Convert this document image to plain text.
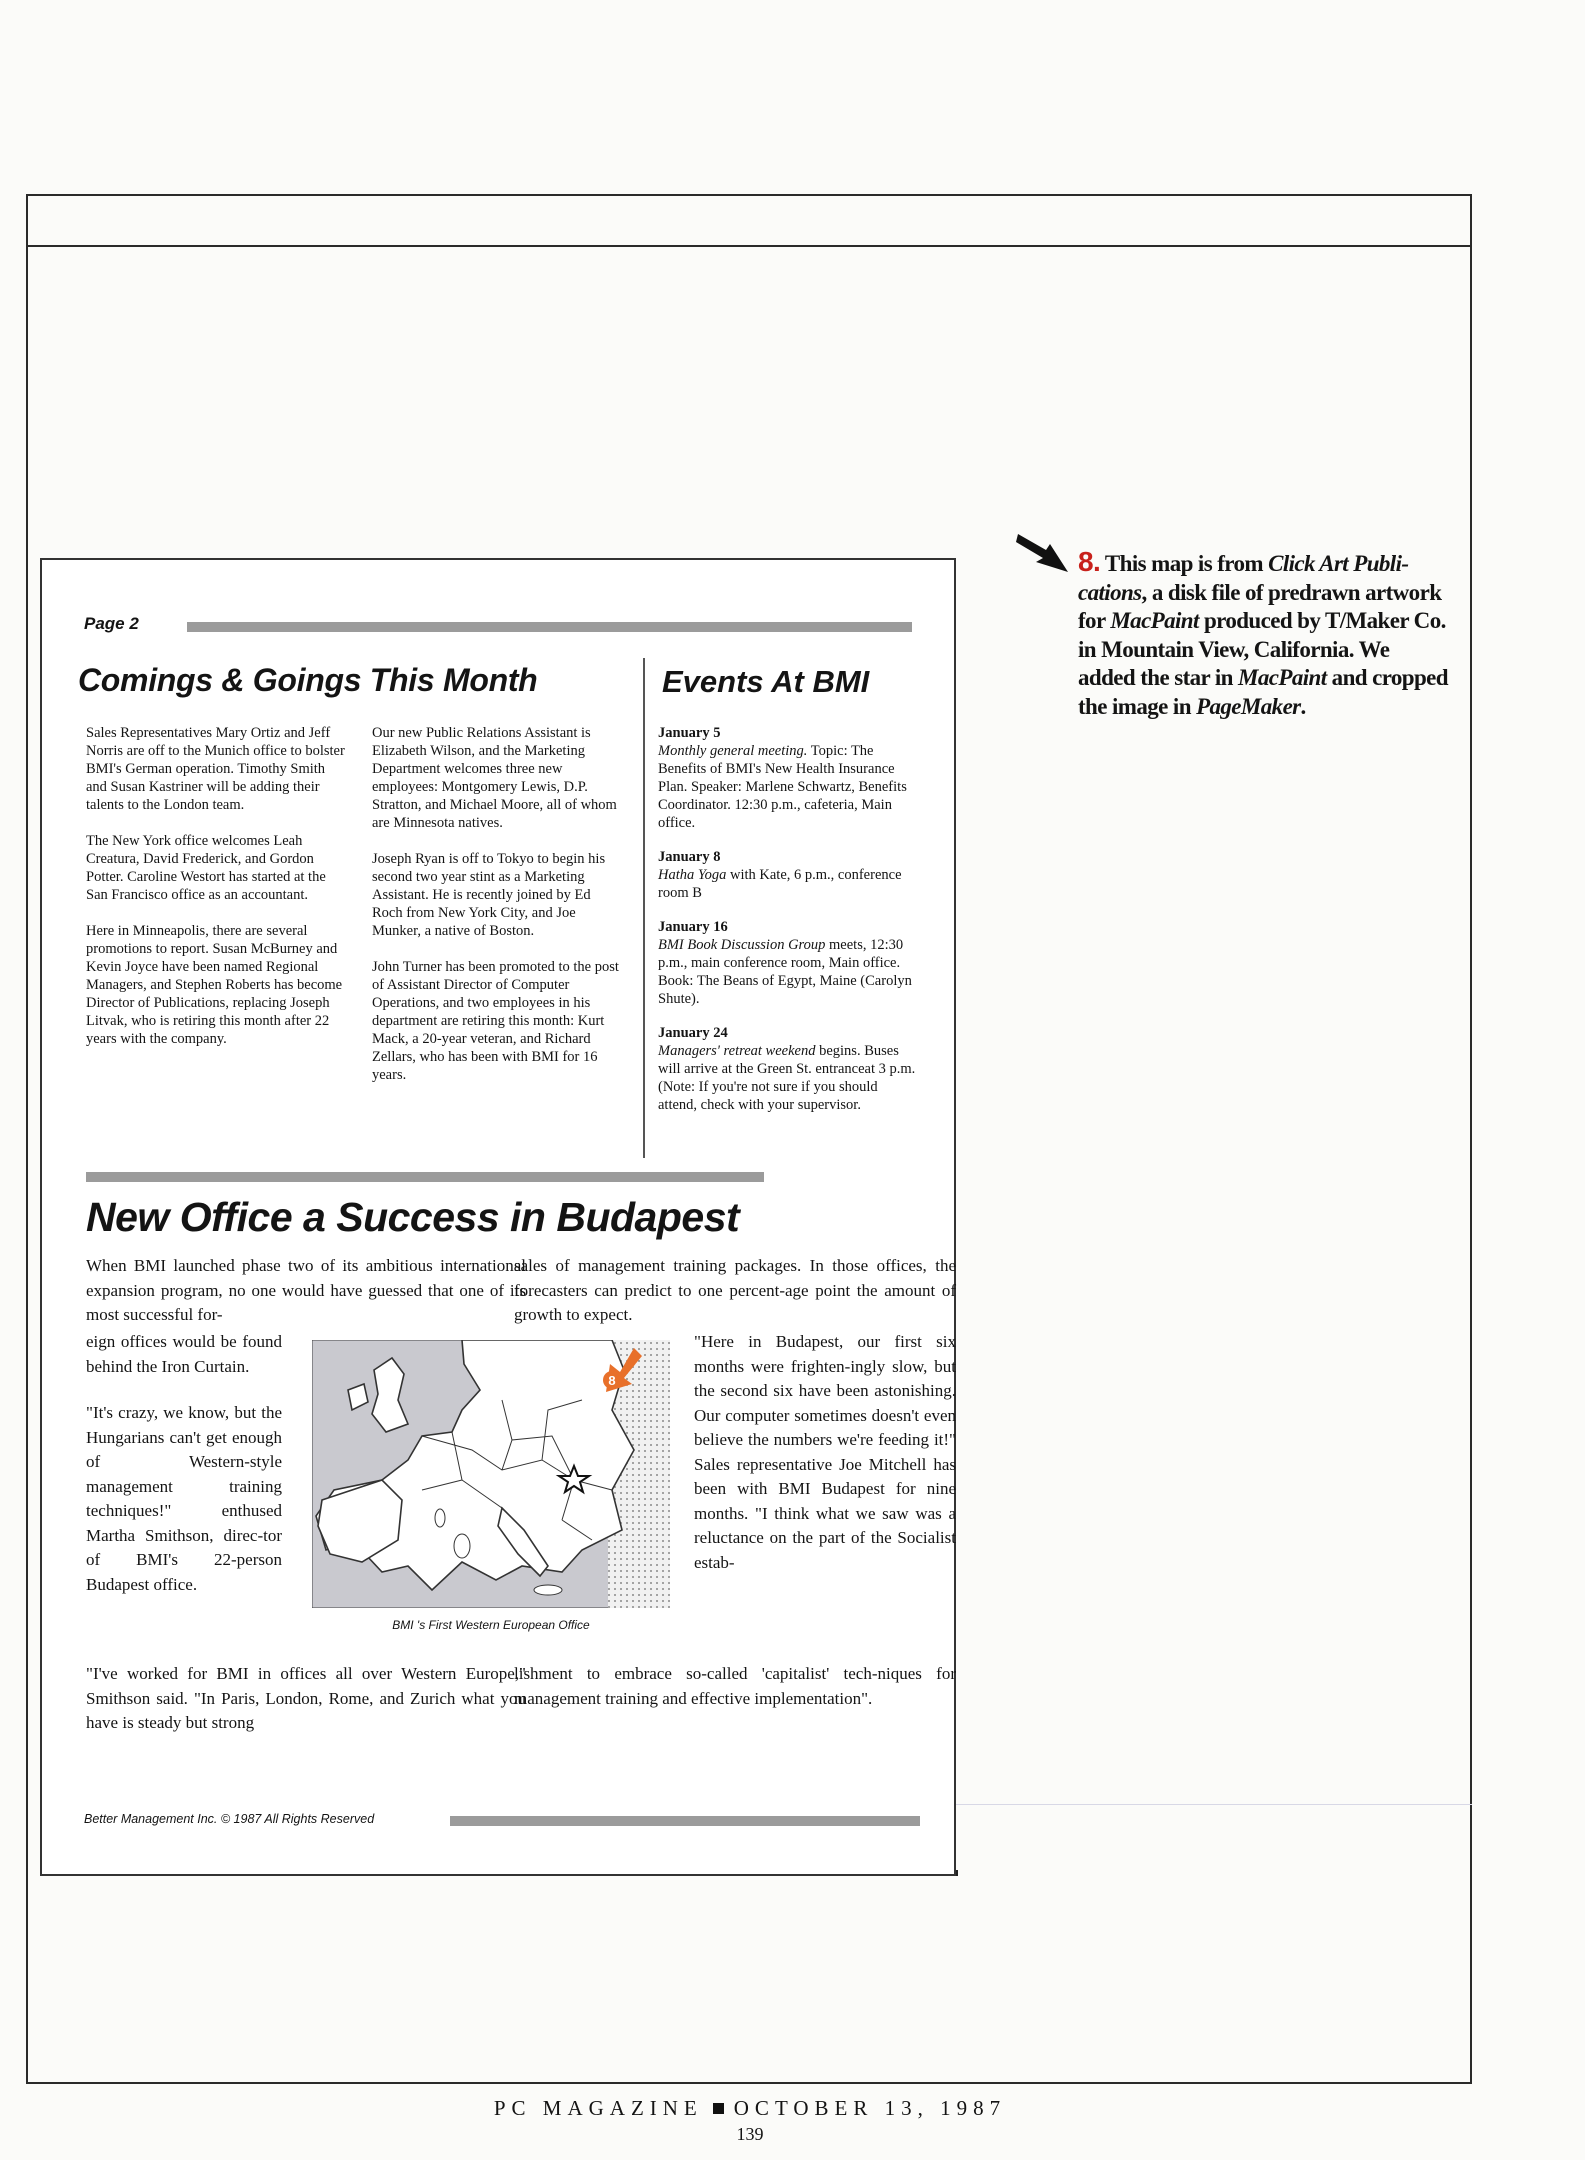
8. This map is from Click Art Publi-cations, a disk file of predrawn artwork for MacPaint produced by T/Maker Co. in Mountain View, California. We added the star in MacPaint and cropped the image in PageMaker.
Page 2
Comings & Goings This Month	Events At BMI

Sales Representatives Mary Ortiz and Jeff Norris are off to the Munich office to bolster BMI's German operation. Timothy Smith and Susan Kastriner will be adding their talents to the London team.

The New York office welcomes Leah Creatura, David Frederick, and Gordon Potter. Caroline Westort has started at the San Francisco office as an accountant.

Here in Minneapolis, there are several promotions to report. Susan McBurney and Kevin Joyce have been named Regional Managers, and Stephen Roberts has become Director of Publications, replacing Joseph Litvak, who is retiring this month after 22 years with the company.

Our new Public Relations Assistant is Elizabeth Wilson, and the Marketing Department welcomes three new employees: Montgomery Lewis, D.P. Stratton, and Michael Moore, all of whom are Minnesota natives.

Joseph Ryan is off to Tokyo to begin his second two year stint as a Marketing Assistant. He is recently joined by Ed Roch from New York City, and Joe Munker, a native of Boston.

John Turner has been promoted to the post of Assistant Director of Computer Operations, and two employees in his department are retiring this month: Kurt Mack, a 20-year veteran, and Richard Zellars, who has been with BMI for 16 years.

January 5
Monthly general meeting. Topic: The Benefits of BMI's New Health Insurance Plan. Speaker: Marlene Schwartz, Benefits Coordinator. 12:30 p.m., cafeteria, Main office.
January 8
Hatha Yoga with Kate, 6 p.m., conference room B
January 16
BMI Book Discussion Group meets, 12:30 p.m., main conference room, Main office. Book: The Beans of Egypt, Maine (Carolyn Shute).
January 24
Managers' retreat weekend begins. Buses will arrive at the Green St. entranceat 3 p.m. (Note: If you're not sure if you should attend, check with your supervisor.
New Office a Success in Budapest
When BMI launched phase two of its ambitious international expansion program, no one would have guessed that one of its most successful for-
sales of management training packages. In those offices, the forecasters can predict to one percent-age point the amount of growth to expect.

eign offices would be found behind the Iron Curtain.

"It's crazy, we know, but the Hungarians can't get enough of Western-style management training techniques!" enthused Martha Smithson, direc-tor of BMI's 22-person Budapest office.

8
BMI 's First Western European Office
"Here in Budapest, our first six months were frighten-ingly slow, but the second six have been astonishing. Our computer sometimes doesn't even believe the numbers we're feeding it!" Sales representative Joe Mitchell has been with BMI Budapest for nine months. "I think what we saw was a reluctance on the part of the Socialist estab-
"I've worked for BMI in offices all over Western Europe," Smithson said. "In Paris, London, Rome, and Zurich what you have is steady but strong
lishment to embrace so-called 'capitalist' tech-niques for management training and effective implementation".
Better Management Inc. © 1987 All Rights Reserved
PC MAGAZINE OCTOBER 13, 1987
139
